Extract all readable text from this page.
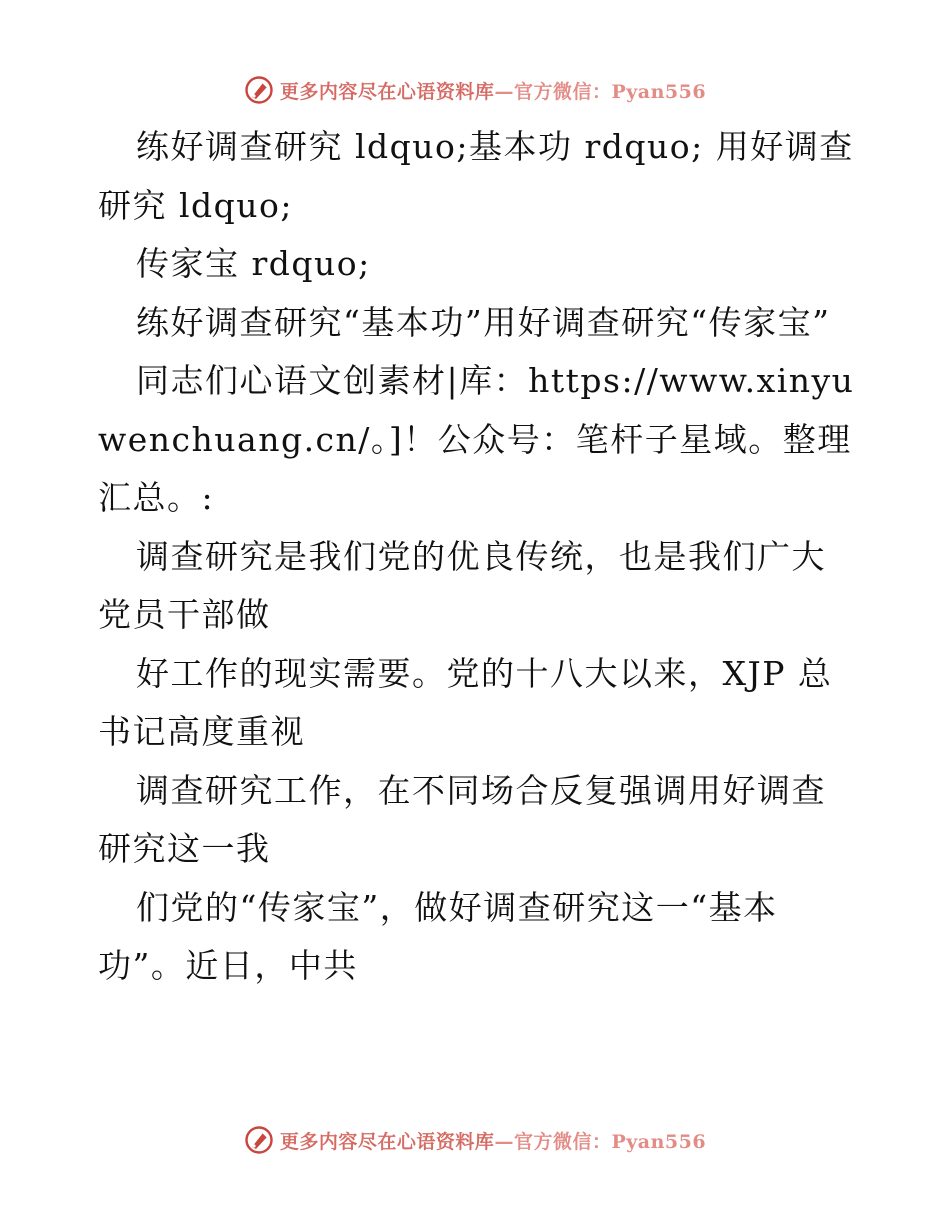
更多内容尽在心语资料库—官方微信：Pyan556

练好调查研究 ldquo;基本功 rdquo; 用好调查研究 ldquo;

传家宝 rdquo;

练好调查研究“基本功”用好调查研究“传家宝”

同志们心语文创素材|库：https://www.xinyuwenchuang.cn/。]！公众号：笔杆子星域。整理汇总。:

调查研究是我们党的优良传统，也是我们广大党员干部做

好工作的现实需要。党的十八大以来，XJP 总书记高度重视

调查研究工作，在不同场合反复强调用好调查研究这一我

们党的“传家宝”，做好调查研究这一“基本功”。近日，中共

更多内容尽在心语资料库—官方微信：Pyan556
